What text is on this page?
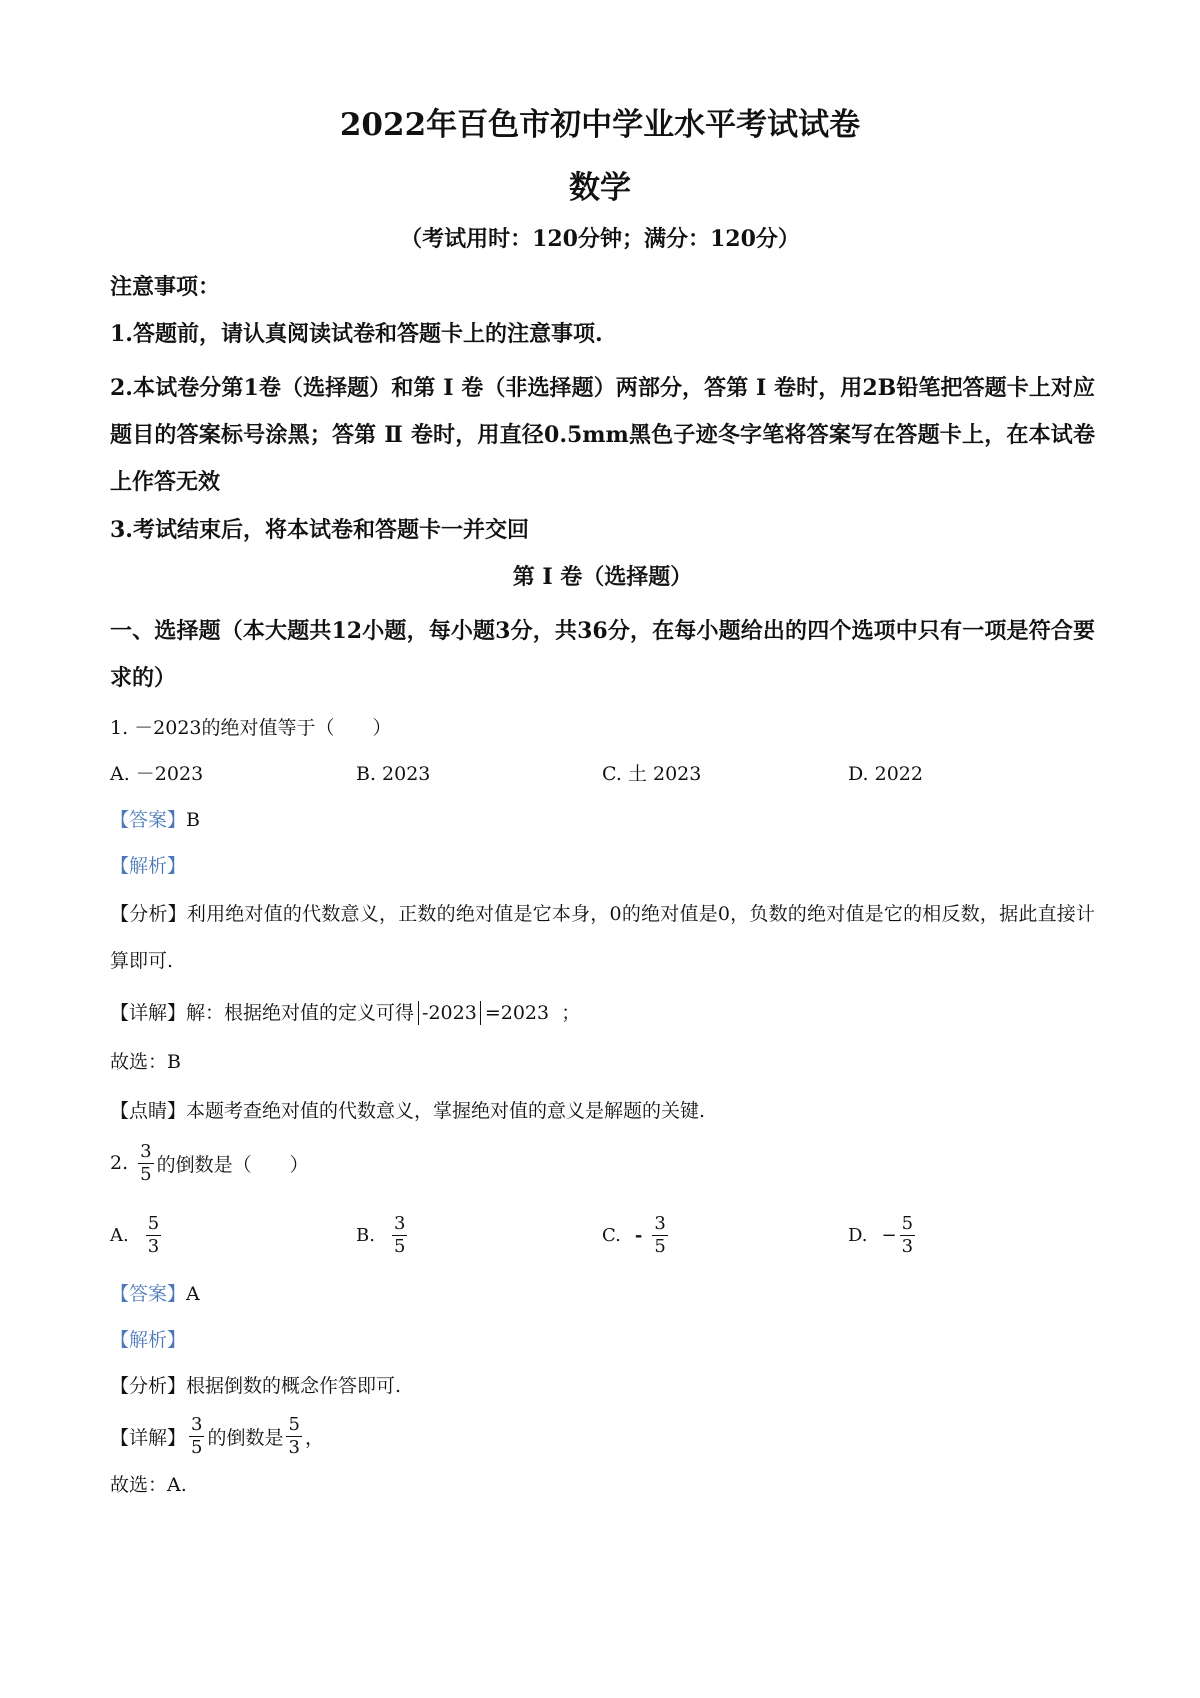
2022年百色市初中学业水平考试试卷
数学
（考试用时：120分钟；满分：120分）

注意事项：

1.答题前，请认真阅读试卷和答题卡上的注意事项.

2.本试卷分第1卷（选择题）和第 I 卷（非选择题）两部分，答第 I 卷时，用2B铅笔把答题卡上对应题目的答案标号涂黑；答第 Ⅱ 卷时，用直径0.5mm黑色子迹冬字笔将答案写在答题卡上，在本试卷上作答无效

3.考试结束后，将本试卷和答题卡一并交回

第 I 卷（选择题）

一、选择题（本大题共12小题，每小题3分，共36分，在每小题给出的四个选项中只有一项是符合要求的）

1. －2023的绝对值等于（　　）

A. －2023	B. 2023	C. 土 2023	D. 2022

【答案】B

【解析】

【分析】利用绝对值的代数意义，正数的绝对值是它本身，0的绝对值是0，负数的绝对值是它的相反数，据此直接计算即可.

【详解】解：根据绝对值的定义可得 -2023 =2023 ；

故选：B

【点睛】本题考查绝对值的代数意义，掌握绝对值的意义是解题的关键.

2. $\frac{3}{5}$ 的倒数是（　　）
A. $\frac{5}{3}$	B. $\frac{3}{5}$	C. - $\frac{3}{5}$	D. − $\frac{5}{3}$

【答案】A

【解析】

【分析】根据倒数的概念作答即可.

【详解】 $\frac{3}{5}$ 的倒数是 $\frac{5}{3}$ ，

故选：A.
